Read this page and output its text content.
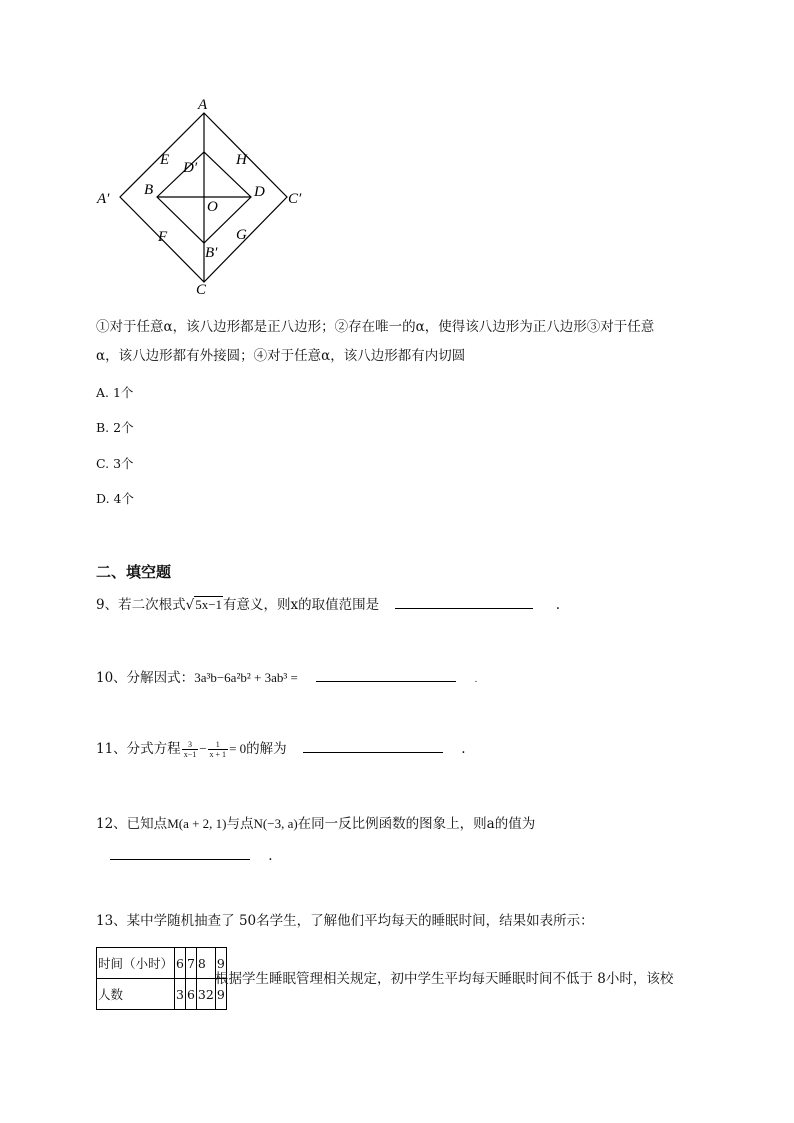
A
E D′	H
A′
B	D C′
O
F	G
B′
C
①对于任意α，该八边形都是正八边形；②存在唯一的α，使得该八边形为正八边形③对于任意
α，该八边形都有外接圆；④对于任意α，该八边形都有内切圆
A. 1个
B. 2个
C. 3个
D. 4个
二、填空题
9、若二次根式√5x−1有意义，则x的取值范围是	.
10、分解因式：3a³b−6a²b² + 3ab³ =	.
11、分式方程 $\frac{3}{x-1} - \frac{1}{x + 1} = 0$的解为	.
12、已知点M(a + 2, 1)与点N(−3, a)在同一反比例函数的图象上，则a的值为
.
13、某中学随机抽查了 50名学生，了解他们平均每天的睡眠时间，结果如表所示：
时间（小时）	6	7	8	9
人数	3	6	32	9
根据学生睡眠管理相关规定，初中学生平均每天睡眠时间不低于 8小时，该校
